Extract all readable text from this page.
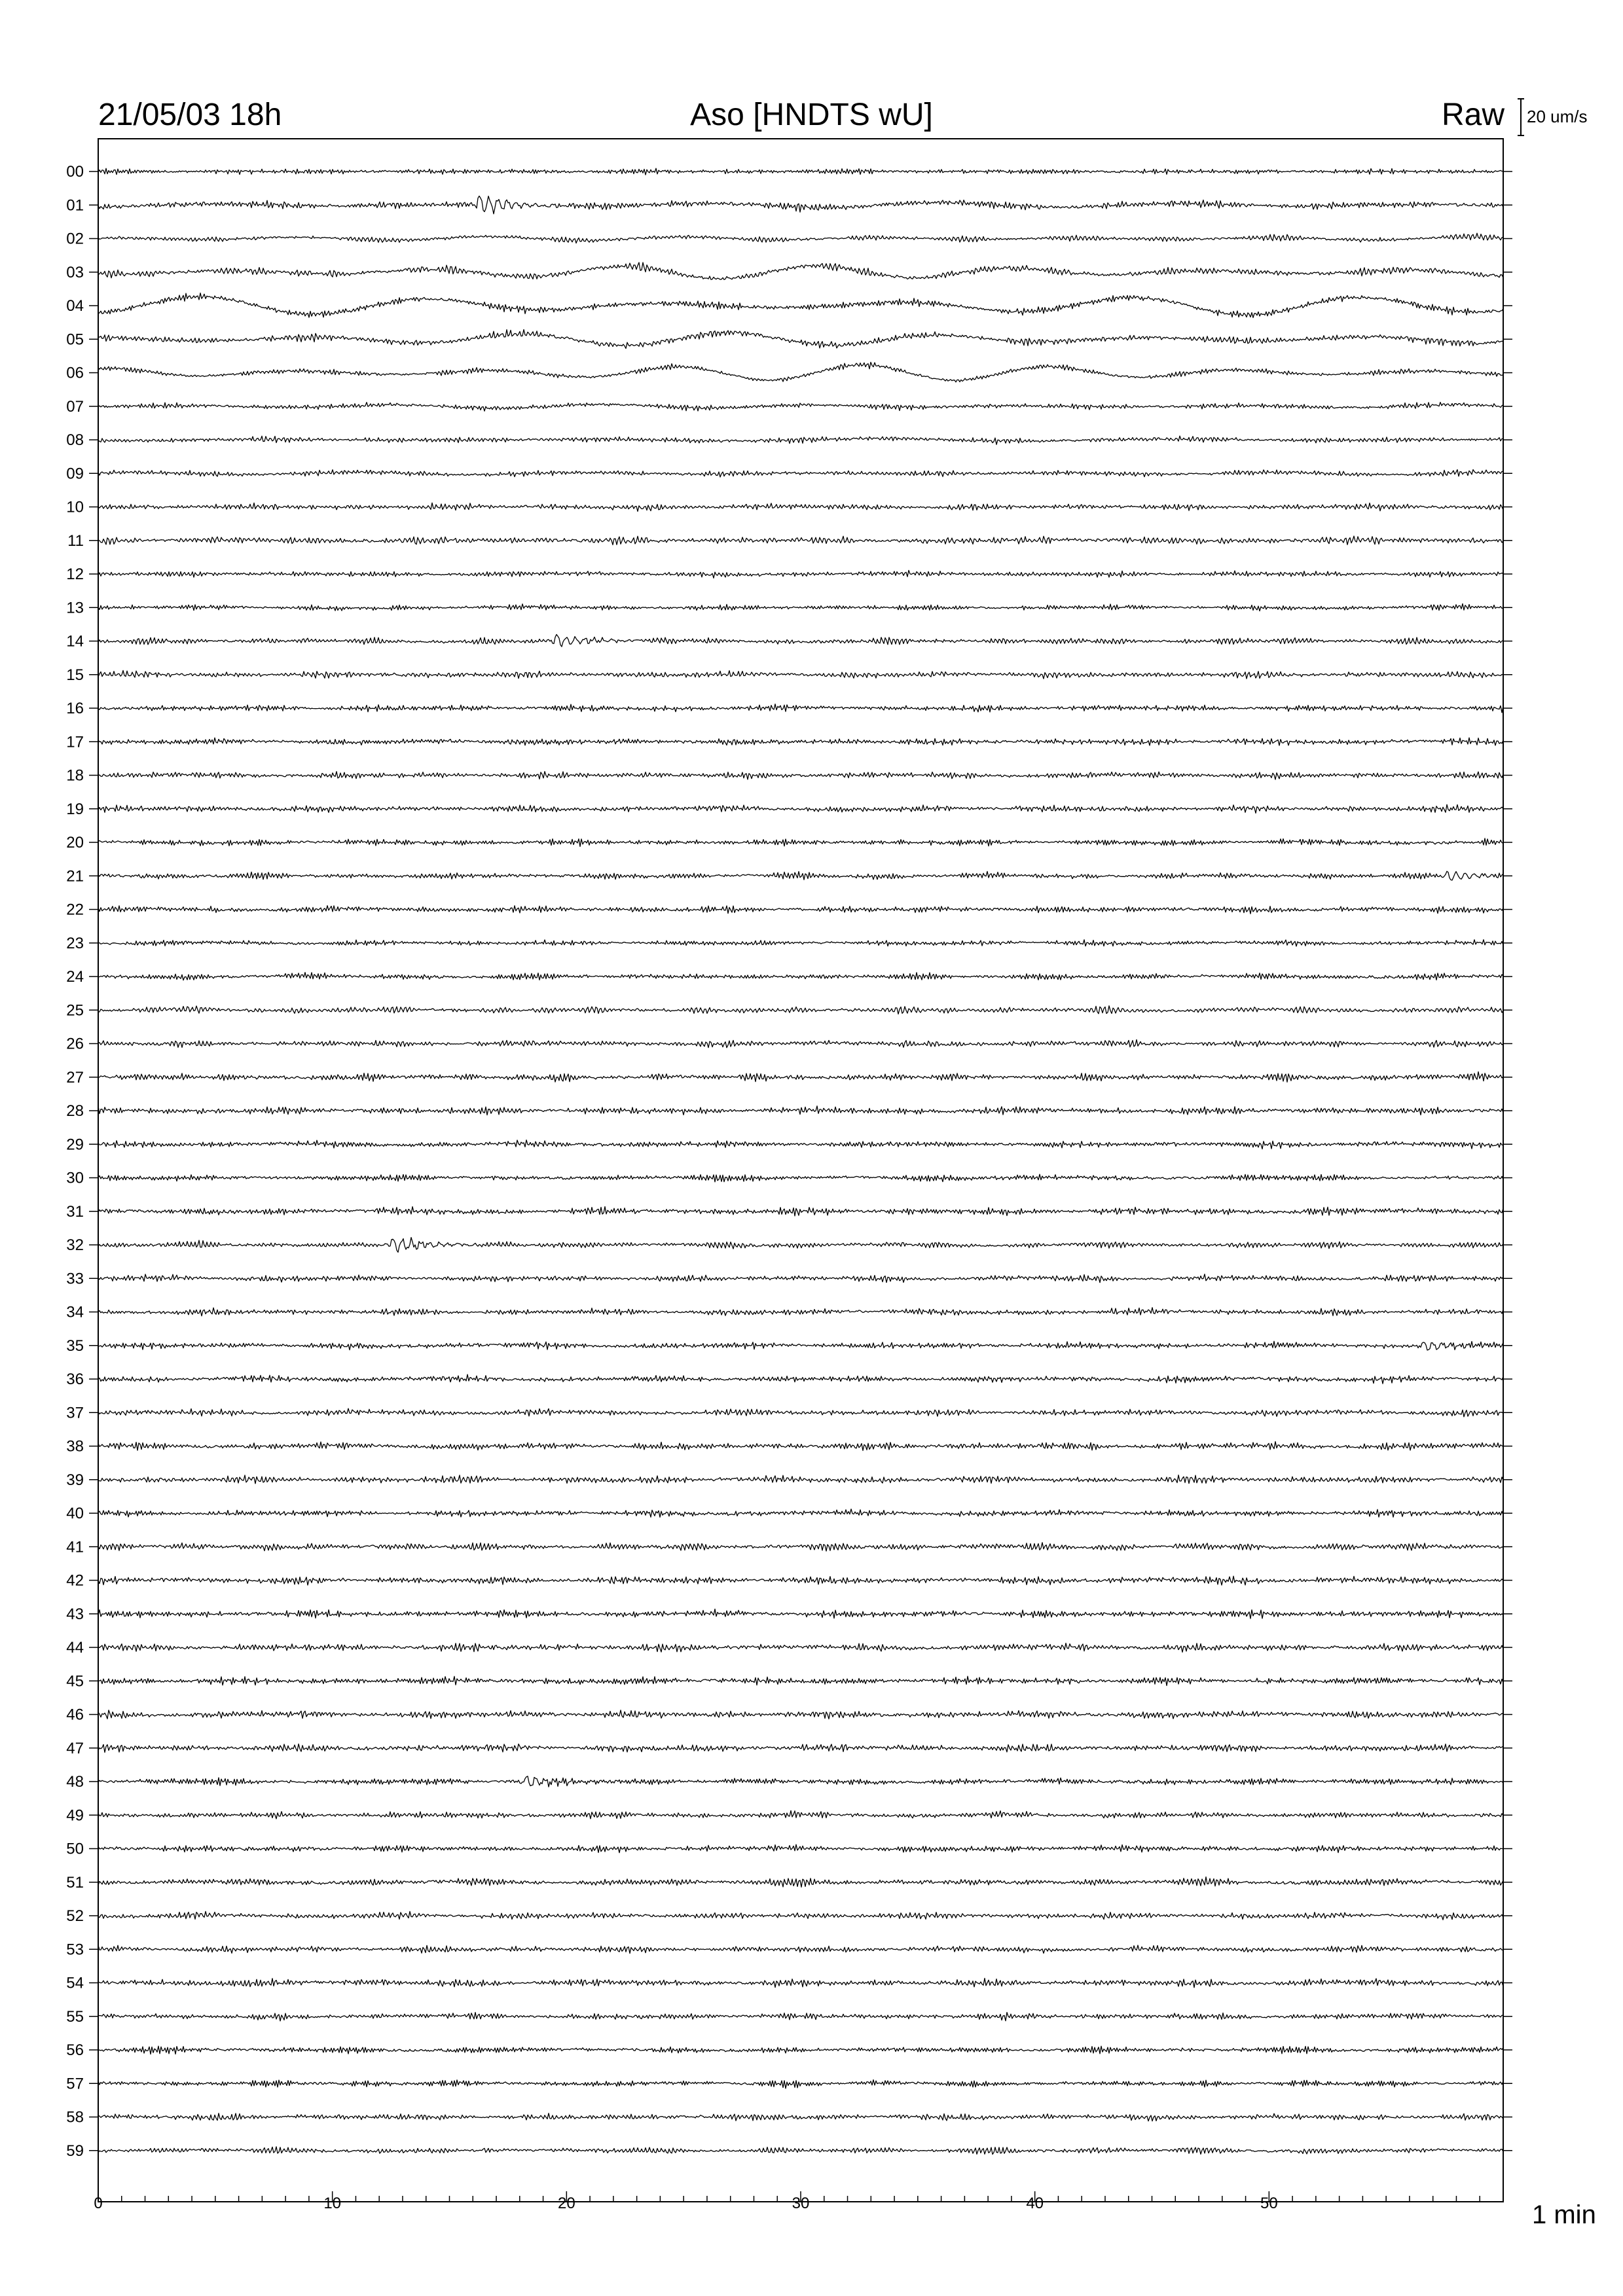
21/05/03 18h	Aso [HNDTS wU]	Raw 20 um/s
1 min
00
01
02
03
04
05
06
07
08
09
10
11
12
13
14
15
16
17
18
19
20
21
22
23
24
25
26
27
28
29
30
31
32
33
34
35
36
37
38
39
40
41
42
43
44
45
46
47
48
49
50
51
52
53
54
55
56
57
58
59
0	10	20	30	40	50
